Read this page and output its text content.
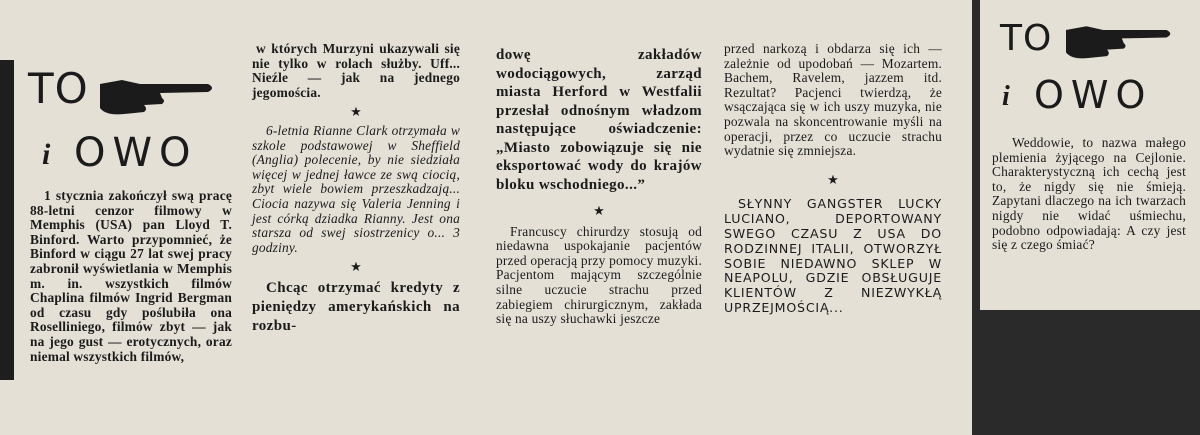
TO
i OWO

1 stycznia zakończył swą pracę 88-letni cenzor filmowy w Memphis (USA) pan Lloyd T. Binford. Warto przypomnieć, że Binford w ciągu 27 lat swej pracy zabronił wyświetlania w Memphis m. in. wszystkich filmów Chaplina filmów Ingrid Bergman od czasu gdy poślubiła ona Roselliniego, filmów zbyt — jak na jego gust — erotycznych, oraz niemal wszystkich filmów,

w których Murzyni ukazywali się nie tylko w rolach służby. Uff... Nieźle — jak na jednego jegomościa.

★

6-letnia Rianne Clark otrzymała w szkole podstawowej w Sheffield (Anglia) polecenie, by nie siedziała więcej w jednej ławce ze swą ciocią, zbyt wiele bowiem przeszkadzają... Ciocia nazywa się Valeria Jenning i jest córką dziadka Rianny. Jest ona starsza od swej siostrzenicy o... 3 godziny.

★

Chcąc otrzymać kredyty z pieniędzy amerykańskich na rozbu-

dowę zakładów wodociągowych, zarząd miasta Herford w Westfalii przesłał odnośnym władzom następujące oświadczenie: „Miasto zobowiązuje się nie eksportować wody do krajów bloku wschodniego...”

★

Francuscy chirurdzy stosują od niedawna uspokajanie pacjentów przed operacją przy pomocy muzyki. Pacjentom mającym szczególnie silne uczucie strachu przed zabiegiem chirurgicznym, zakłada się na uszy słuchawki jeszcze

przed narkozą i obdarza się ich — zależnie od upodobań — Mozartem. Bachem, Ravelem, jazzem itd. Rezultat? Pacjenci twierdzą, że wsączająca się w ich uszy muzyka, nie pozwala na skoncentrowanie myśli na operacji, przez co uczucie strachu wydatnie się zmniejsza.

★

SŁYNNY GANGSTER LUCKY LUCIANO, DEPORTOWANY SWEGO CZASU Z USA DO RODZINNEJ ITALII, OTWORZYŁ SOBIE NIEDAWNO SKLEP W NEAPOLU, GDZIE OBSŁUGUJE KLIENTÓW Z NIEZWYKŁĄ UPRZEJMOŚCIĄ...

TO
i OWO

Weddowie, to nazwa małego plemienia żyjącego na Cejlonie. Charakterystyczną ich cechą jest to, że nigdy się nie śmieją. Zapytani dlaczego na ich twarzach nigdy nie widać uśmiechu, podobno odpowiadają: A czy jest się z czego śmiać?
